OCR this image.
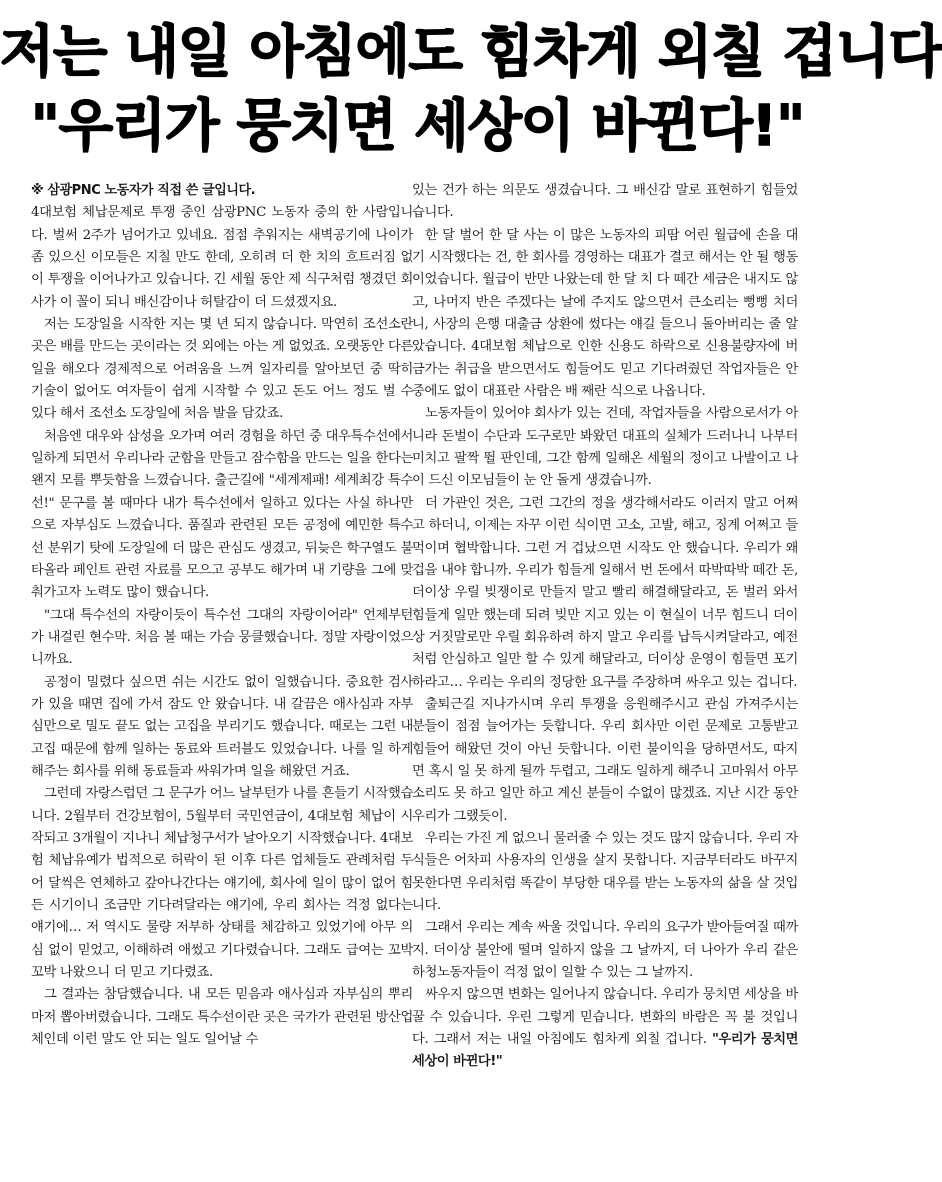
저는 내일 아침에도 힘차게 외칠 겁니다
"우리가 뭉치면 세상이 바뀐다!"

※ 삼광PNC 노동자가 직접 쓴 글입니다.

4대보험 체납문제로 투쟁 중인 삼광PNC 노동자 중의 한 사람입니다. 벌써 2주가 넘어가고 있네요. 점점 추워지는 새벽공기에 나이가 좀 있으신 이모들은 지칠 만도 한데, 오히려 더 한 치의 흐트러짐 없이 투쟁을 이어나가고 있습니다. 긴 세월 동안 제 식구처럼 챙겼던 회사가 이 꼴이 되니 배신감이나 허탈감이 더 드셨겠지요.

저는 도장일을 시작한 지는 몇 년 되지 않습니다. 막연히 조선소란 곳은 배를 만드는 곳이라는 것 외에는 아는 게 없었죠. 오랫동안 다른 일을 해오다 경제적으로 어려움을 느껴 일자리를 알아보던 중 딱히 기술이 없어도 여자들이 쉽게 시작할 수 있고 돈도 어느 정도 벌 수 있다 해서 조선소 도장일에 처음 발을 담갔죠.

처음엔 대우와 삼성을 오가며 여러 경험을 하던 중 대우특수선에서 일하게 되면서 우리나라 군함을 만들고 잠수함을 만드는 일을 한다는 왠지 모를 뿌듯함을 느꼈습니다. 출근길에 "세계제패! 세계최강 특수선!" 문구를 볼 때마다 내가 특수선에서 일하고 있다는 사실 하나만으로 자부심도 느꼈습니다. 품질과 관련된 모든 공정에 예민한 특수선 분위기 탓에 도장일에 더 많은 관심도 생겼고, 뒤늦은 학구열도 불타올라 페인트 관련 자료를 모으고 공부도 해가며 내 기량을 그에 맞춰가고자 노력도 많이 했습니다.

"그대 특수선의 자랑이듯이 특수선 그대의 자랑이어라" 언제부턴가 내걸린 현수막. 처음 볼 때는 가슴 뭉클했습니다. 정말 자랑이었으니까요.

공정이 밀렸다 싶으면 쉬는 시간도 없이 일했습니다. 중요한 검사가 있을 때면 집에 가서 잠도 안 왔습니다. 내 갈끔은 애사심과 자부심만으로 밀도 끝도 없는 고집을 부리기도 했습니다. 때로는 그런 내 고집 때문에 함께 일하는 동료와 트러블도 있었습니다. 나를 일 하게 해주는 회사를 위해 동료들과 싸워가며 일을 해왔던 거죠.

그런데 자랑스럽던 그 문구가 어느 날부턴가 나를 흔들기 시작했습니다. 2월부터 건강보험이, 5월부터 국민연금이, 4대보험 체납이 시작되고 3개월이 지나니 체납청구서가 날아오기 시작했습니다. 4대보험 체납유예가 법적으로 허락이 된 이후 다른 업체들도 관례처럼 두어 달씩은 연체하고 갚아나간다는 얘기에, 회사에 일이 많이 없어 힘든 시기이니 조금만 기다려달라는 얘기에, 우리 회사는 걱정 없다는 얘기에… 저 역시도 물량 저부하 상태를 체감하고 있었기에 아무 의심 없이 믿었고, 이해하려 애썼고 기다렸습니다. 그래도 급여는 꼬박꼬박 나왔으니 더 믿고 기다렸죠.

그 결과는 참담했습니다. 내 모든 믿음과 애사심과 자부심의 뿌리마저 뽑아버렸습니다. 그래도 특수선이란 곳은 국가가 관련된 방산업체인데 이런 말도 안 되는 일도 일어날 수

있는 건가 하는 의문도 생겼습니다. 그 배신감 말로 표현하기 힘들었습니다.

한 달 벌어 한 달 사는 이 많은 노동자의 피땀 어린 월급에 손을 대기 시작했다는 건, 한 회사를 경영하는 대표가 결코 해서는 안 될 행동이었습니다. 월급이 반만 나왔는데 한 달 치 다 떼간 세금은 내지도 않고, 나머지 반은 주겠다는 날에 주지도 않으면서 큰소리는 뻥뻥 치더니, 사장의 은행 대출금 상환에 썼다는 얘길 들으니 돌아버리는 줄 알았습니다. 4대보험 체납으로 인한 신용도 하락으로 신용불량자에 버금가는 취급을 받으면서도 힘들어도 믿고 기다려줬던 작업자들은 안중에도 없이 대표란 사람은 배 째란 식으로 나옵니다.

노동자들이 있어야 회사가 있는 건데, 작업자들을 사람으로서가 아니라 돈벌이 수단과 도구로만 봐왔던 대표의 실체가 드러나니 나부터 미치고 팔짝 뛸 판인데, 그간 함께 일해온 세월의 정이고 나발이고 나이 드신 이모님들이 눈 안 돌게 생겼습니까.

더 가관인 것은, 그런 그간의 정을 생각해서라도 이러지 말고 어쩌고 하더니, 이제는 자꾸 이런 식이면 고소, 고발, 해고, 징계 어쩌고 들먹이며 협박합니다. 그런 거 겁났으면 시작도 안 했습니다. 우리가 왜 겁을 내야 합니까. 우리가 힘들게 일해서 번 돈에서 따박따박 떼간 돈, 더이상 우릴 빚쟁이로 만들지 말고 빨리 해결해달라고, 돈 벌러 와서 힘들게 일만 했는데 되려 빚만 지고 있는 이 현실이 너무 힘드니 더이상 거짓말로만 우릴 회유하려 하지 말고 우리를 납득시켜달라고, 예전처럼 안심하고 일만 할 수 있게 해달라고, 더이상 운영이 힘들면 포기하라고… 우리는 우리의 정당한 요구를 주장하며 싸우고 있는 겁니다.

출퇴근길 지나가시며 우리 투쟁을 응원해주시고 관심 가져주시는 분들이 점점 늘어가는 듯합니다. 우리 회사만 이런 문제로 고통받고 힘들어 해왔던 것이 아닌 듯합니다. 이런 불이익을 당하면서도, 따지면 혹시 일 못 하게 될까 두렵고, 그래도 일하게 해주니 고마워서 아무 소리도 못 하고 일만 하고 계신 분들이 수없이 많겠죠. 지난 시간 동안 우리가 그랬듯이.

우리는 가진 게 없으니 물러줄 수 있는 것도 많지 않습니다. 우리 자식들은 어차피 사용자의 인생을 살지 못합니다. 지금부터라도 바꾸지 못한다면 우리처럼 똑같이 부당한 대우를 받는 노동자의 삶을 살 것입니다.

그래서 우리는 계속 싸울 것입니다. 우리의 요구가 받아들여질 때까지. 더이상 불안에 떨며 일하지 않을 그 날까지, 더 나아가 우리 같은 하청노동자들이 걱정 없이 일할 수 있는 그 날까지.

싸우지 않으면 변화는 일어나지 않습니다. 우리가 뭉치면 세상을 바꿀 수 있습니다. 우린 그렇게 믿습니다. 변화의 바람은 꼭 불 것입니다. 그래서 저는 내일 아침에도 힘차게 외칠 겁니다. "우리가 뭉치면 세상이 바뀐다!"
